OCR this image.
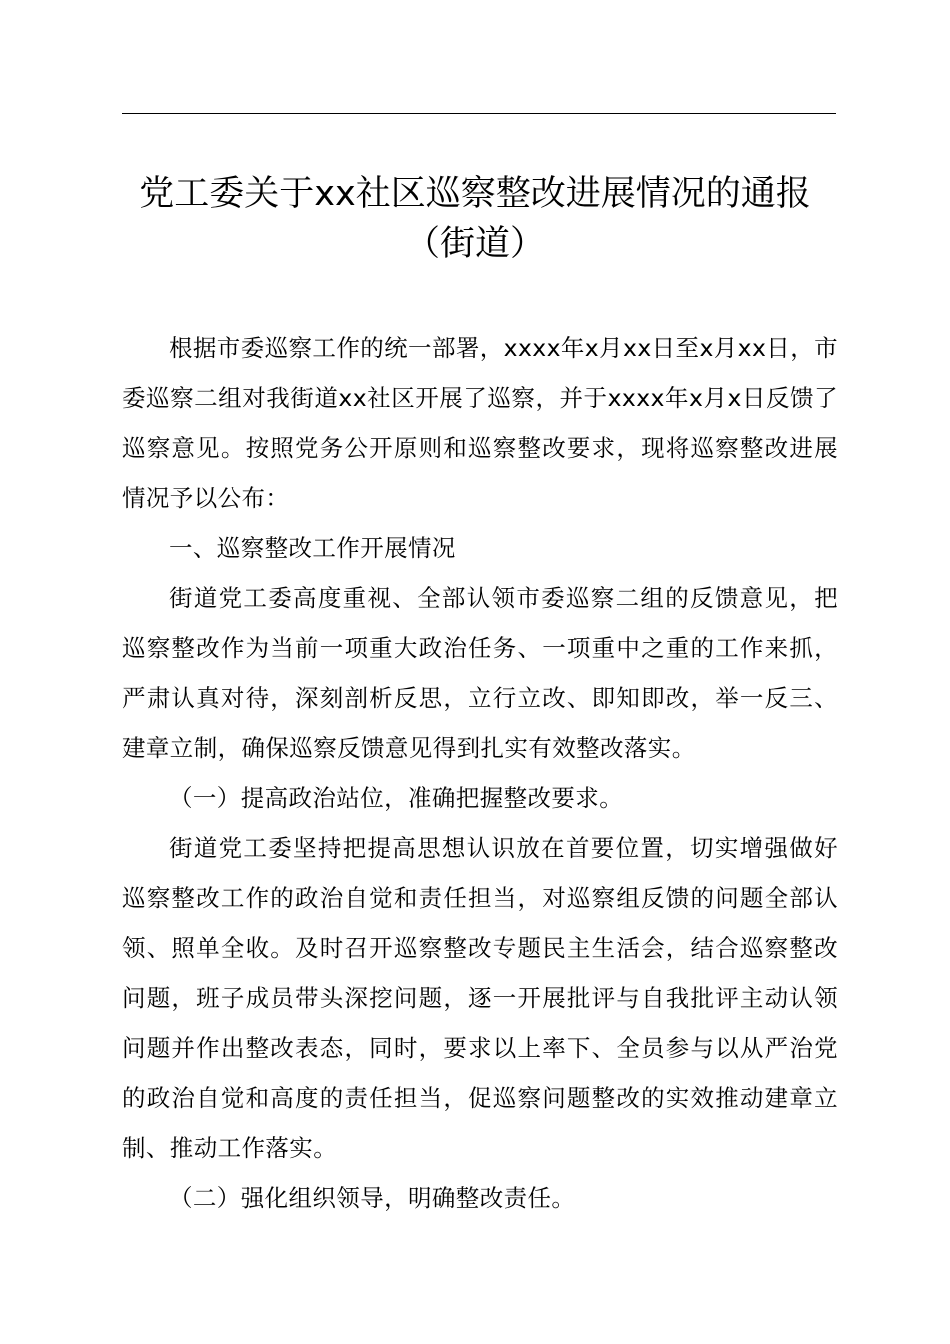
党工委关于xx社区巡察整改进展情况的通报
（街道）

根据市委巡察工作的统一部署，xxxx年x月xx日至x月xx日，市委巡察二组对我街道xx社区开展了巡察，并于xxxx年x月x日反馈了巡察意见。按照党务公开原则和巡察整改要求，现将巡察整改进展情况予以公布：

一、巡察整改工作开展情况

街道党工委高度重视、全部认领市委巡察二组的反馈意见，把巡察整改作为当前一项重大政治任务、一项重中之重的工作来抓，严肃认真对待，深刻剖析反思，立行立改、即知即改，举一反三、建章立制，确保巡察反馈意见得到扎实有效整改落实。

（一）提高政治站位，准确把握整改要求。

街道党工委坚持把提高思想认识放在首要位置，切实增强做好巡察整改工作的政治自觉和责任担当，对巡察组反馈的问题全部认领、照单全收。及时召开巡察整改专题民主生活会，结合巡察整改问题，班子成员带头深挖问题，逐一开展批评与自我批评主动认领问题并作出整改表态，同时，要求以上率下、全员参与以从严治党的政治自觉和高度的责任担当，促巡察问题整改的实效推动建章立制、推动工作落实。

（二）强化组织领导，明确整改责任。
